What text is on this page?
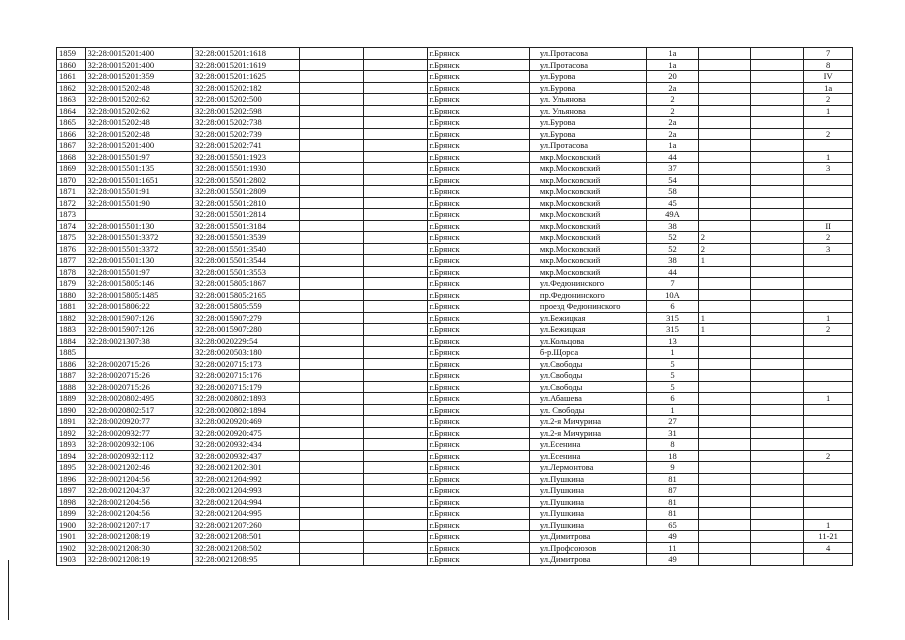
1859	32:28:0015201:400	32:28:0015201:1618			г.Брянск	ул.Протасова	1а			7
1860	32:28:0015201:400	32:28:0015201:1619			г.Брянск	ул.Протасова	1а			8
1861	32:28:0015201:359	32:28:0015201:1625			г.Брянск	ул.Бурова	20			IV
1862	32:28:0015202:48	32:28:0015202:182			г.Брянск	ул.Бурова	2а			1а
1863	32:28:0015202:62	32:28:0015202:500			г.Брянск	ул. Ульянова	2			2
1864	32:28:0015202:62	32:28:0015202:598			г.Брянск	ул. Ульянова	2			1
1865	32:28:0015202:48	32:28:0015202:738			г.Брянск	ул.Бурова	2а			
1866	32:28:0015202:48	32:28:0015202:739			г.Брянск	ул.Бурова	2а			2
1867	32:28:0015201:400	32:28:0015202:741			г.Брянск	ул.Протасова	1а			
1868	32:28:0015501:97	32:28:0015501:1923			г.Брянск	мкр.Московский	44			1
1869	32:28:0015501:135	32:28:0015501:1930			г.Брянск	мкр.Московский	37			3
1870	32:28:0015501:1651	32:28:0015501:2802			г.Брянск	мкр.Московский	54			
1871	32:28:0015501:91	32:28:0015501:2809			г.Брянск	мкр.Московский	58			
1872	32:28:0015501:90	32:28:0015501:2810			г.Брянск	мкр.Московский	45			
1873		32:28:0015501:2814			г.Брянск	мкр.Московский	49А			
1874	32:28:0015501:130	32:28:0015501:3184			г.Брянск	мкр.Московский	38			II
1875	32:28:0015501:3372	32:28:0015501:3539			г.Брянск	мкр.Московский	52	2		2
1876	32:28:0015501:3372	32:28:0015501:3540			г.Брянск	мкр.Московский	52	2		3
1877	32:28:0015501:130	32:28:0015501:3544			г.Брянск	мкр.Московский	38	1		
1878	32:28:0015501:97	32:28:0015501:3553			г.Брянск	мкр.Московский	44			
1879	32:28:0015805:146	32:28:0015805:1867			г.Брянск	ул.Федюнинского	7			
1880	32:28:0015805:1485	32:28:0015805:2165			г.Брянск	пр.Федюнинского	10А			
1881	32:28:0015806:22	32:28:0015805:559			г.Брянск	проезд Федюнинского	6			
1882	32:28:0015907:126	32:28:0015907:279			г.Брянск	ул.Бежицкая	315	1		1
1883	32:28:0015907:126	32:28:0015907:280			г.Брянск	ул.Бежицкая	315	1		2
1884	32:28:0021307:38	32:28:0020229:54			г.Брянск	ул.Кольцова	13			
1885		32:28:0020503:180			г.Брянск	б-р.Щорса	1			
1886	32:28:0020715:26	32:28:0020715:173			г.Брянск	ул.Свободы	5			
1887	32:28:0020715:26	32:28:0020715:176			г.Брянск	ул.Свободы	5			
1888	32:28:0020715:26	32:28:0020715:179			г.Брянск	ул.Свободы	5			
1889	32:28:0020802:495	32:28:0020802:1893			г.Брянск	ул.Абашева	6			1
1890	32:28:0020802:517	32:28:0020802:1894			г.Брянск	ул. Свободы	1			
1891	32:28:0020920:77	32:28:0020920:469			г.Брянск	ул.2-я Мичурина	27			
1892	32:28:0020932:77	32:28:0020920:475			г.Брянск	ул.2-я Мичурина	31			
1893	32:28:0020932:106	32:28:0020932:434			г.Брянск	ул.Есенина	8			
1894	32:28:0020932:112	32:28:0020932:437			г.Брянск	ул.Есенина	18			2
1895	32:28:0021202:46	32:28:0021202:301			г.Брянск	ул.Лермонтова	9			
1896	32:28:0021204:56	32:28:0021204:992			г.Брянск	ул.Пушкина	81			
1897	32:28:0021204:37	32:28:0021204:993			г.Брянск	ул.Пушкина	87			
1898	32:28:0021204:56	32:28:0021204:994			г.Брянск	ул.Пушкина	81			
1899	32:28:0021204:56	32:28:0021204:995			г.Брянск	ул.Пушкина	81			
1900	32:28:0021207:17	32:28:0021207:260			г.Брянск	ул.Пушкина	65			1
1901	32:28:0021208:19	32:28:0021208:501			г.Брянск	ул.Димитрова	49			11-21
1902	32:28:0021208:30	32:28:0021208:502			г.Брянск	ул.Профсоюзов	11			4
1903	32:28:0021208:19	32:28:0021208:95			г.Брянск	ул.Димитрова	49			
